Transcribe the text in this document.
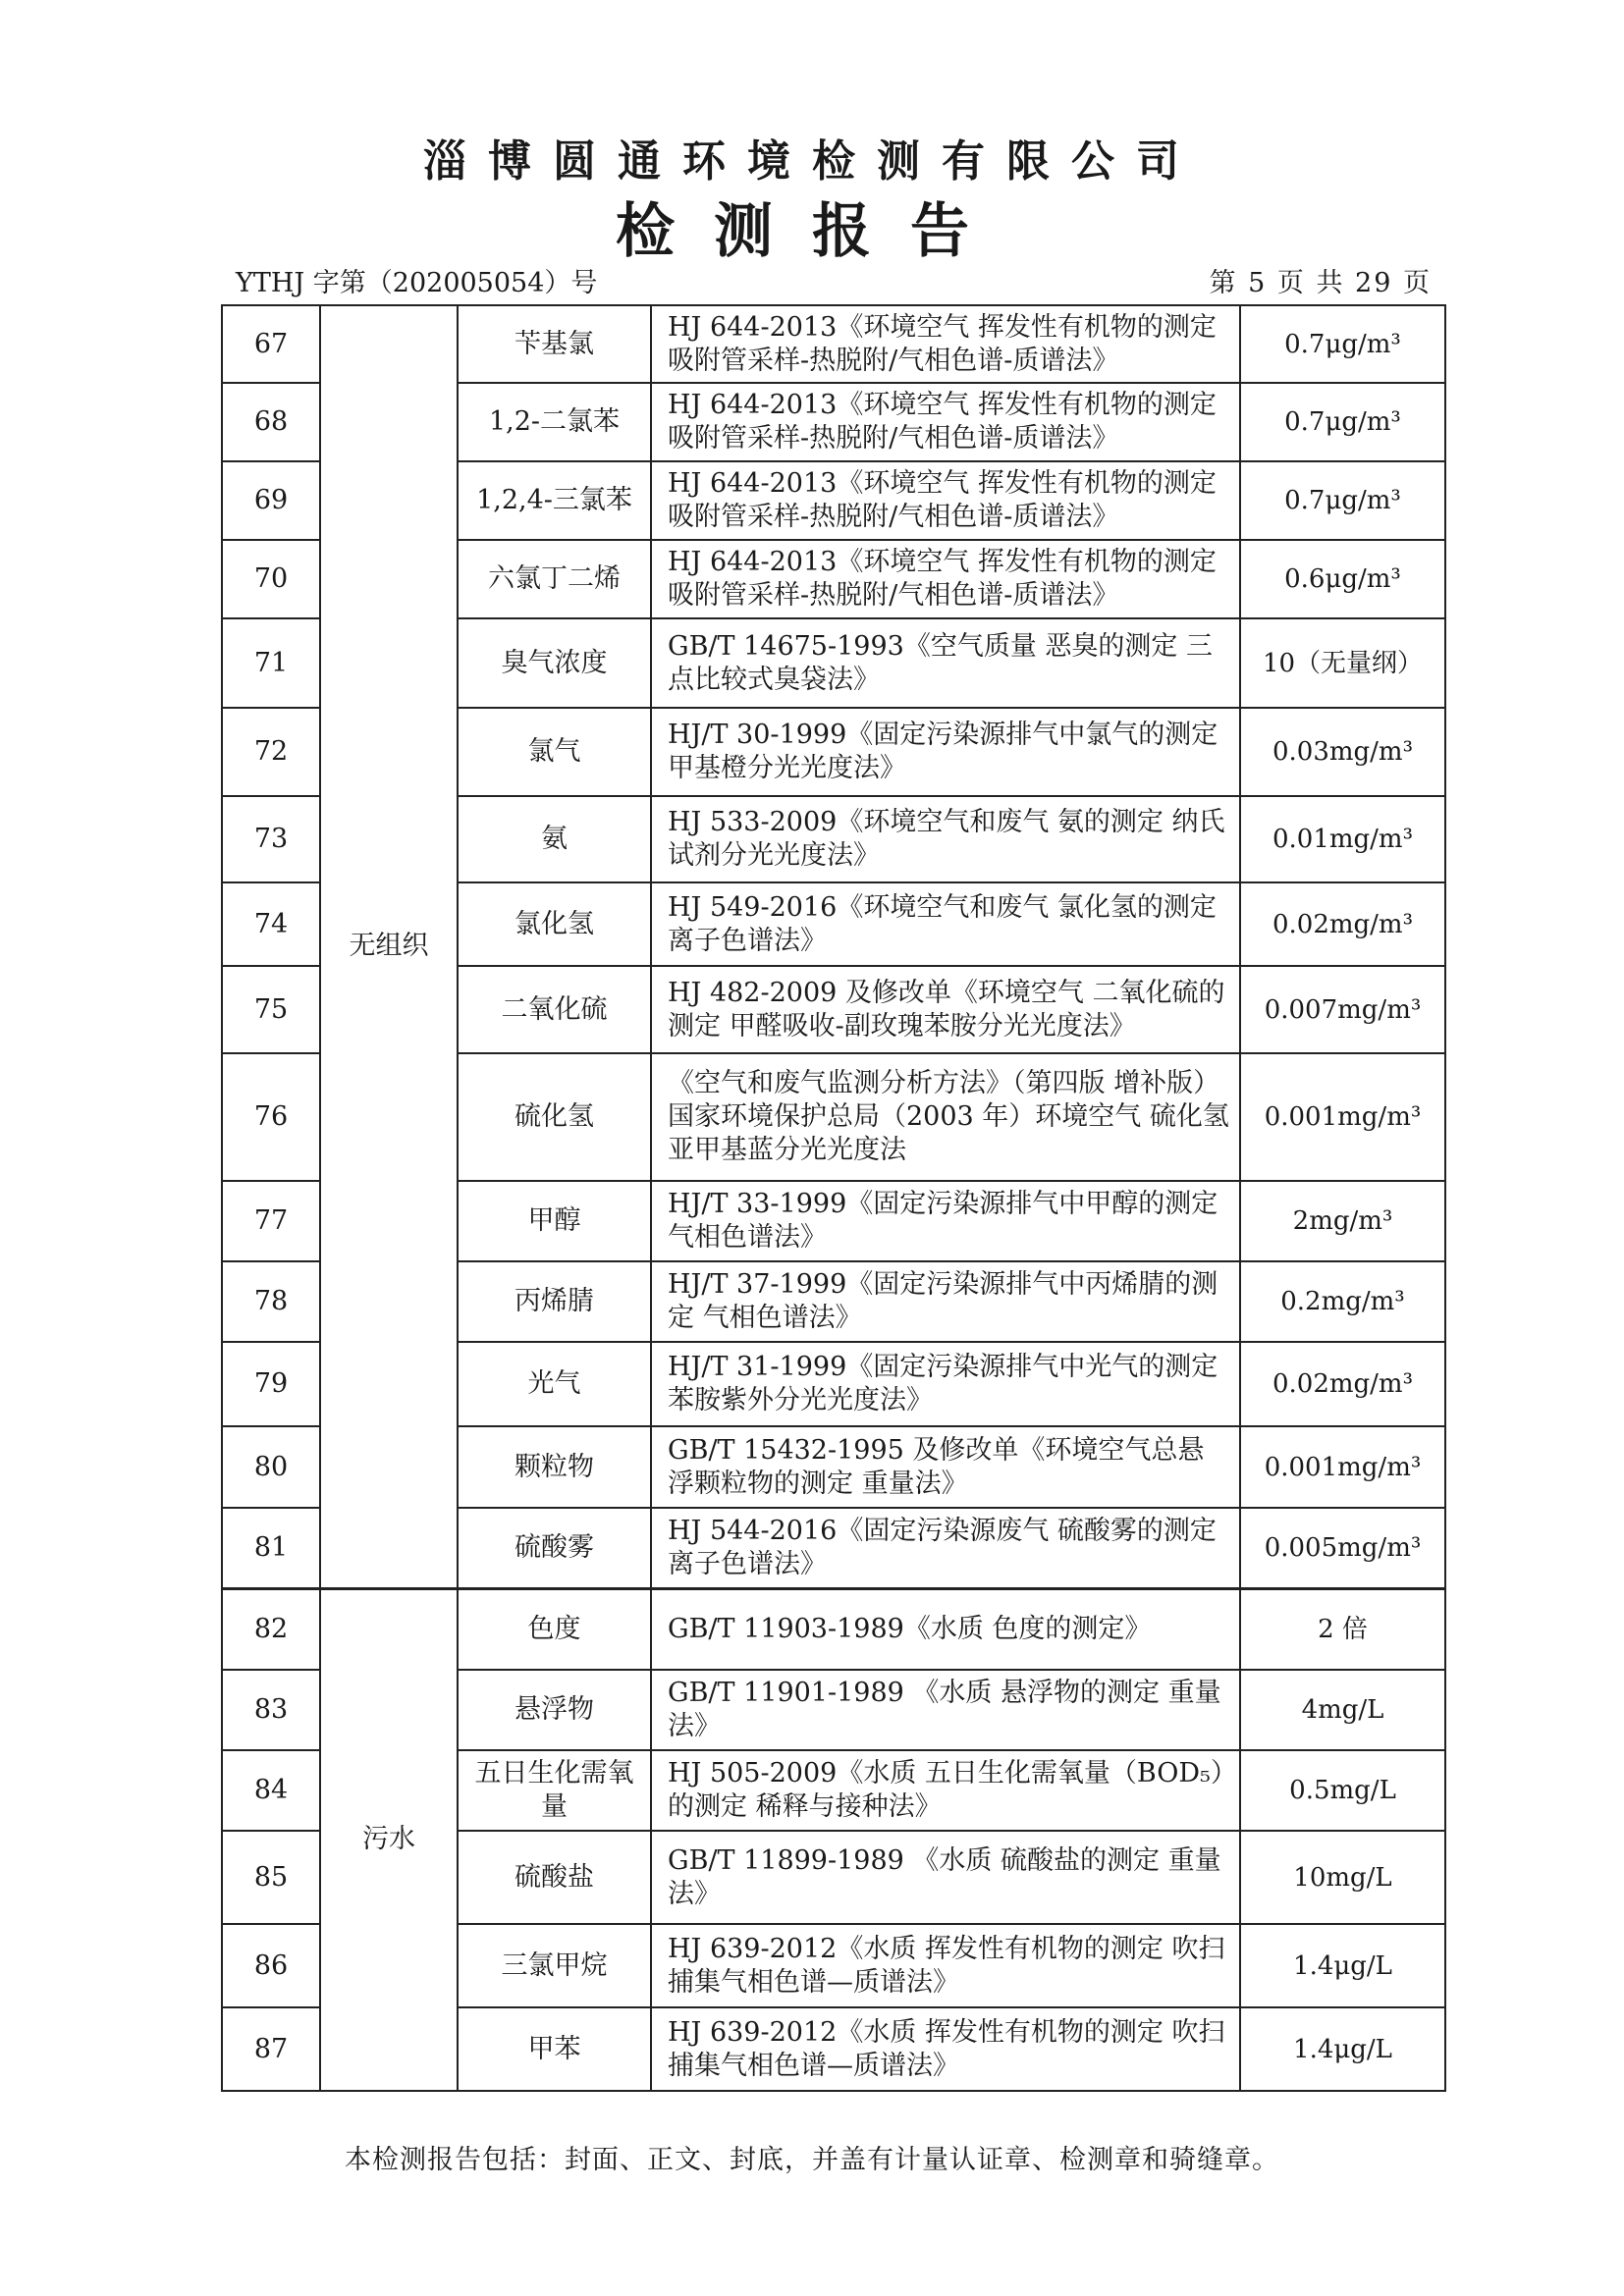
淄博圆通环境检测有限公司
检测报告
YTHJ 字第（202005054）号	第 5 页 共 29 页
67	无组织	苄基氯	HJ 644-2013《环境空气 挥发性有机物的测定 吸附管采样-热脱附/气相色谱-质谱法》	0.7μg/m³
68		1,2-二氯苯	HJ 644-2013《环境空气 挥发性有机物的测定 吸附管采样-热脱附/气相色谱-质谱法》	0.7μg/m³
69		1,2,4-三氯苯	HJ 644-2013《环境空气 挥发性有机物的测定 吸附管采样-热脱附/气相色谱-质谱法》	0.7μg/m³
70		六氯丁二烯	HJ 644-2013《环境空气 挥发性有机物的测定 吸附管采样-热脱附/气相色谱-质谱法》	0.6μg/m³
71		臭气浓度	GB/T 14675-1993《空气质量 恶臭的测定 三点比较式臭袋法》	10（无量纲）
72		氯气	HJ/T 30-1999《固定污染源排气中氯气的测定 甲基橙分光光度法》	0.03mg/m³
73		氨	HJ 533-2009《环境空气和废气 氨的测定 纳氏试剂分光光度法》	0.01mg/m³
74		氯化氢	HJ 549-2016《环境空气和废气 氯化氢的测定 离子色谱法》	0.02mg/m³
75		二氧化硫	HJ 482-2009 及修改单《环境空气 二氧化硫的测定 甲醛吸收-副玫瑰苯胺分光光度法》	0.007mg/m³
76		硫化氢	《空气和废气监测分析方法》（第四版 增补版）国家环境保护总局（2003 年）环境空气 硫化氢 亚甲基蓝分光光度法	0.001mg/m³
77		甲醇	HJ/T 33-1999《固定污染源排气中甲醇的测定 气相色谱法》	2mg/m³
78		丙烯腈	HJ/T 37-1999《固定污染源排气中丙烯腈的测定 气相色谱法》	0.2mg/m³
79		光气	HJ/T 31-1999《固定污染源排气中光气的测定 苯胺紫外分光光度法》	0.02mg/m³
80		颗粒物	GB/T 15432-1995 及修改单《环境空气总悬浮颗粒物的测定 重量法》	0.001mg/m³
81		硫酸雾	HJ 544-2016《固定污染源废气 硫酸雾的测定 离子色谱法》	0.005mg/m³
82	污水	色度	GB/T 11903-1989《水质 色度的测定》	2 倍
83		悬浮物	GB/T 11901-1989 《水质 悬浮物的测定 重量法》	4mg/L
84		五日生化需氧量	HJ 505-2009《水质 五日生化需氧量（BOD₅）的测定 稀释与接种法》	0.5mg/L
85		硫酸盐	GB/T 11899-1989 《水质 硫酸盐的测定 重量法》	10mg/L
86		三氯甲烷	HJ 639-2012《水质 挥发性有机物的测定 吹扫捕集气相色谱—质谱法》	1.4μg/L
87		甲苯	HJ 639-2012《水质 挥发性有机物的测定 吹扫捕集气相色谱—质谱法》	1.4μg/L
本检测报告包括：封面、正文、封底，并盖有计量认证章、检测章和骑缝章。
